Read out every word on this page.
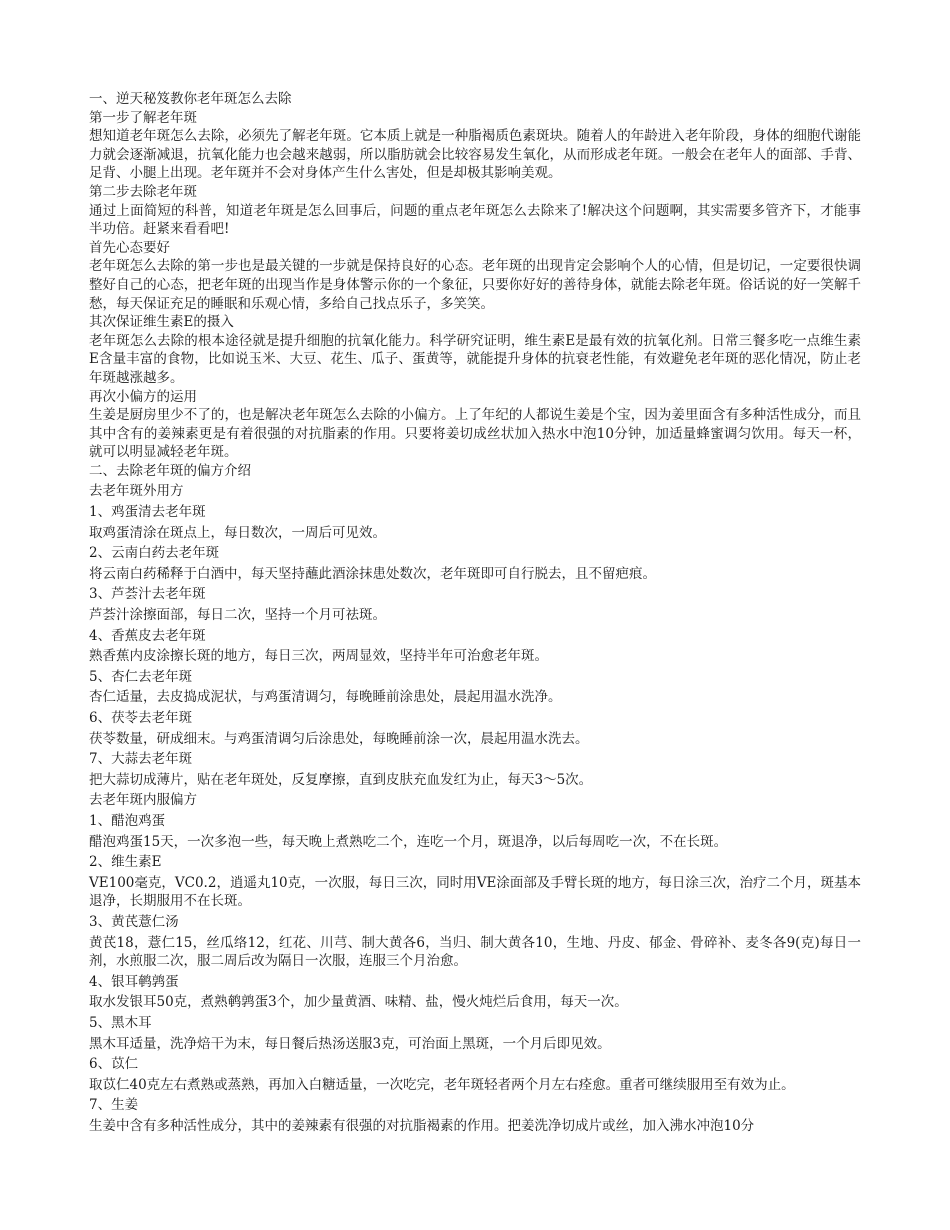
一、逆天秘笈教你老年斑怎么去除
第一步了解老年斑

想知道老年斑怎么去除，必须先了解老年斑。它本质上就是一种脂褐质色素斑块。随着人的年龄进入老年阶段，身体的细胞代谢能力就会逐渐减退，抗氧化能力也会越来越弱，所以脂肪就会比较容易发生氧化，从而形成老年斑。一般会在老年人的面部、手背、足背、小腿上出现。老年斑并不会对身体产生什么害处，但是却极其影响美观。

第二步去除老年斑

通过上面简短的科普，知道老年斑是怎么回事后，问题的重点老年斑怎么去除来了!解决这个问题啊，其实需要多管齐下，才能事半功倍。赶紧来看看吧!

首先心态要好

老年斑怎么去除的第一步也是最关键的一步就是保持良好的心态。老年斑的出现肯定会影响个人的心情，但是切记，一定要很快调整好自己的心态，把老年斑的出现当作是身体警示你的一个象征，只要你好好的善待身体，就能去除老年斑。俗话说的好一笑解千愁，每天保证充足的睡眠和乐观心情，多给自己找点乐子，多笑笑。

其次保证维生素E的摄入

老年斑怎么去除的根本途径就是提升细胞的抗氧化能力。科学研究证明，维生素E是最有效的抗氧化剂。日常三餐多吃一点维生素E含量丰富的食物，比如说玉米、大豆、花生、瓜子、蛋黄等，就能提升身体的抗衰老性能，有效避免老年斑的恶化情况，防止老年斑越涨越多。

再次小偏方的运用

生姜是厨房里少不了的，也是解决老年斑怎么去除的小偏方。上了年纪的人都说生姜是个宝，因为姜里面含有多种活性成分，而且其中含有的姜辣素更是有着很强的对抗脂素的作用。只要将姜切成丝状加入热水中泡10分钟，加适量蜂蜜调匀饮用。每天一杯，就可以明显减轻老年斑。

二、去除老年斑的偏方介绍
去老年斑外用方
1、鸡蛋清去老年斑

取鸡蛋清涂在斑点上，每日数次，一周后可见效。

2、云南白药去老年斑

将云南白药稀释于白酒中，每天坚持蘸此酒涂抹患处数次，老年斑即可自行脱去，且不留疤痕。

3、芦荟汁去老年斑

芦荟汁涂擦面部，每日二次，坚持一个月可祛斑。

4、香蕉皮去老年斑

熟香蕉内皮涂擦长斑的地方，每日三次，两周显效，坚持半年可治愈老年斑。

5、杏仁去老年斑

杏仁适量，去皮捣成泥状，与鸡蛋清调匀，每晚睡前涂患处，晨起用温水洗净。

6、茯苓去老年斑

茯苓数量，研成细末。与鸡蛋清调匀后涂患处，每晚睡前涂一次，晨起用温水洗去。

7、大蒜去老年斑

把大蒜切成薄片，贴在老年斑处，反复摩擦，直到皮肤充血发红为止，每天3～5次。

去老年斑内服偏方
1、醋泡鸡蛋

醋泡鸡蛋15天，一次多泡一些，每天晚上煮熟吃二个，连吃一个月，斑退净，以后每周吃一次，不在长斑。

2、维生素E

VE100毫克，VC0.2，逍遥丸10克，一次服，每日三次，同时用VE涂面部及手臂长斑的地方，每日涂三次，治疗二个月，斑基本退净，长期服用不在长斑。

3、黄芪薏仁汤

黄芪18，薏仁15，丝瓜络12，红花、川芎、制大黄各6，当归、制大黄各10，生地、丹皮、郁金、骨碎补、麦冬各9(克)每日一剂，水煎服二次，服二周后改为隔日一次服，连服三个月治愈。

4、银耳鹌鹑蛋

取水发银耳50克，煮熟鹌鹑蛋3个，加少量黄酒、味精、盐，慢火炖烂后食用，每天一次。

5、黑木耳

黑木耳适量，洗净焙干为末，每日餐后热汤送服3克，可治面上黑斑，一个月后即见效。

6、苡仁

取苡仁40克左右煮熟或蒸熟，再加入白糖适量，一次吃完，老年斑轻者两个月左右痊愈。重者可继续服用至有效为止。

7、生姜

生姜中含有多种活性成分，其中的姜辣素有很强的对抗脂褐素的作用。把姜洗净切成片或丝，加入沸水冲泡10分
